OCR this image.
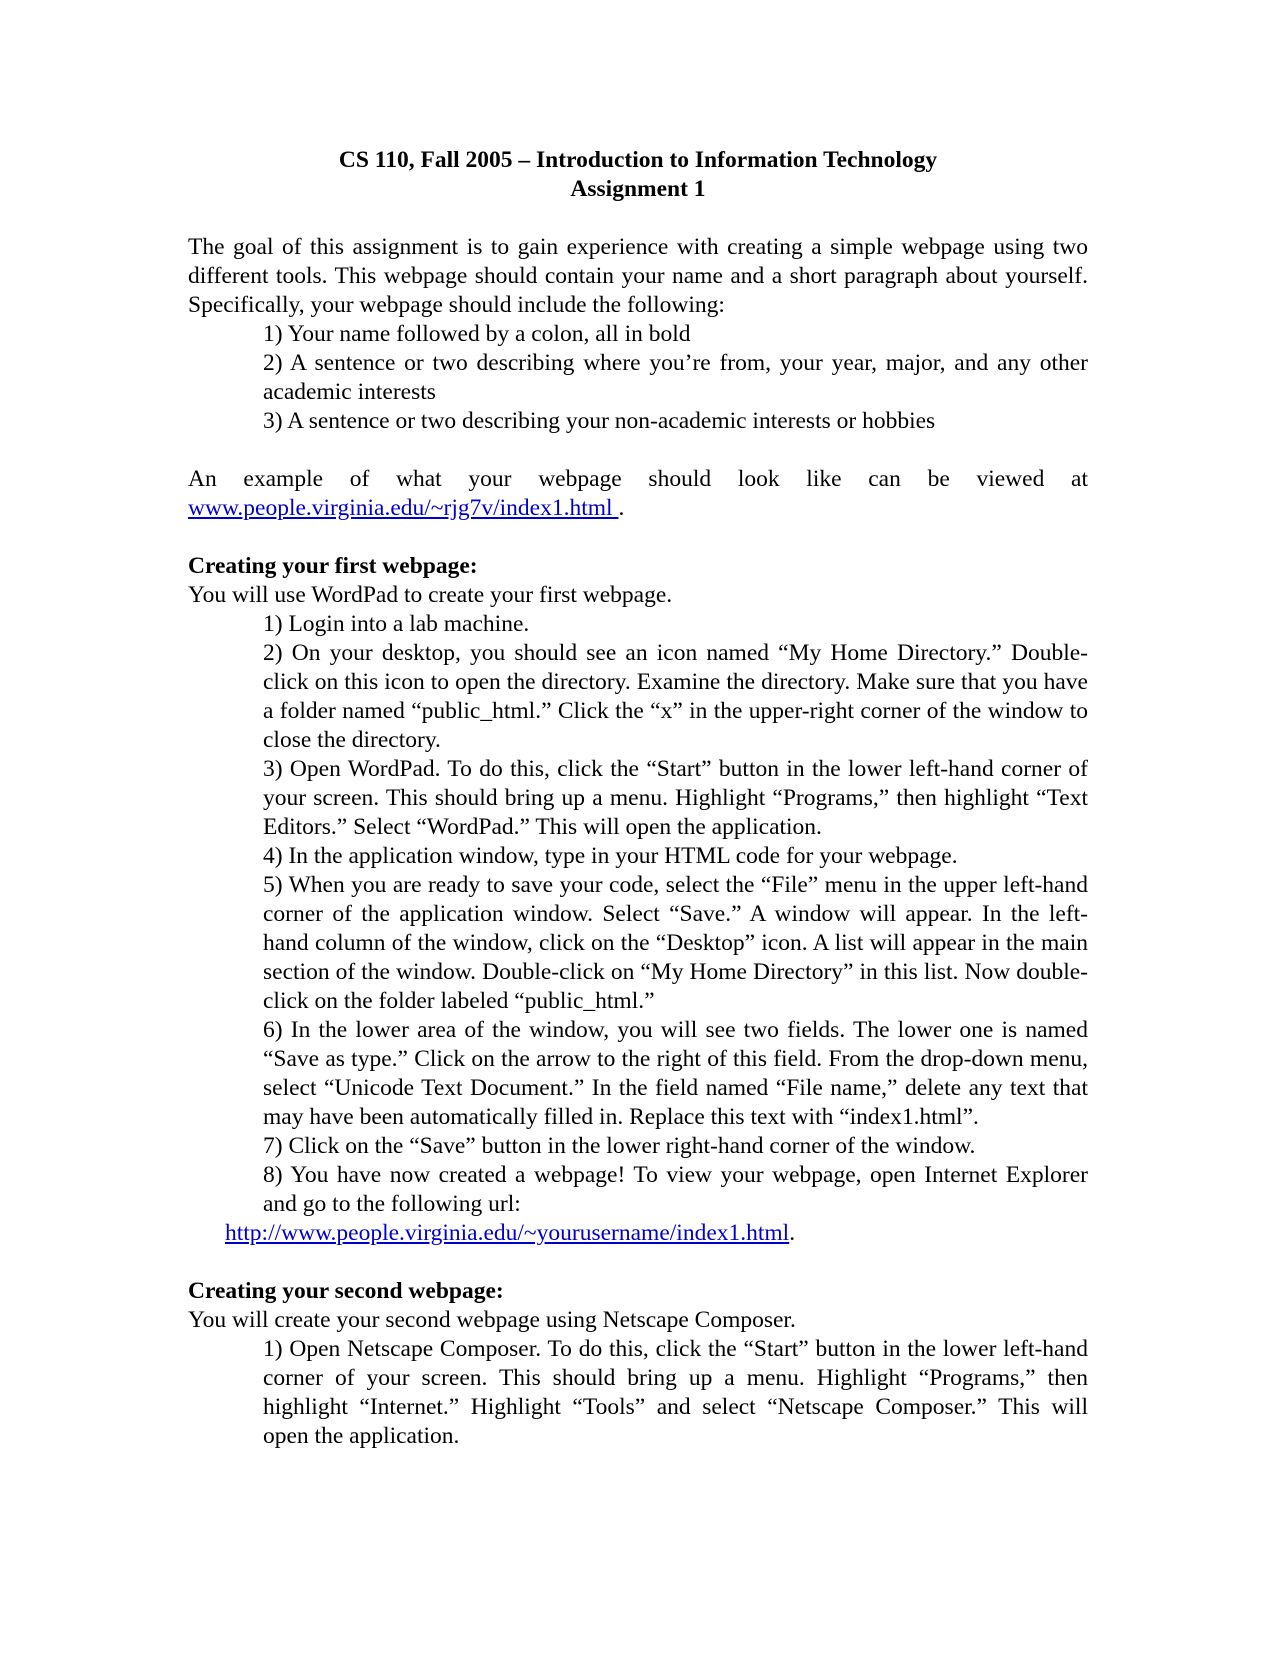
CS 110, Fall 2005 – Introduction to Information Technology

Assignment 1

The goal of this assignment is to gain experience with creating a simple webpage using two different tools. This webpage should contain your name and a short paragraph about yourself. Specifically, your webpage should include the following:

1) Your name followed by a colon, all in bold

2) A sentence or two describing where you’re from, your year, major, and any other academic interests

3) A sentence or two describing your non-academic interests or hobbies

An example of what your webpage should look like can be viewed at

www.people.virginia.edu/~rjg7v/index1.html .

Creating your first webpage:

You will use WordPad to create your first webpage.

1) Login into a lab machine.

2) On your desktop, you should see an icon named “My Home Directory.” Double-click on this icon to open the directory. Examine the directory. Make sure that you have a folder named “public_html.” Click the “x” in the upper-right corner of the window to close the directory.

3) Open WordPad. To do this, click the “Start” button in the lower left-hand corner of your screen. This should bring up a menu. Highlight “Programs,” then highlight “Text Editors.” Select “WordPad.” This will open the application.

4) In the application window, type in your HTML code for your webpage.

5) When you are ready to save your code, select the “File” menu in the upper left-hand corner of the application window. Select “Save.” A window will appear. In the left-hand column of the window, click on the “Desktop” icon. A list will appear in the main section of the window. Double-click on “My Home Directory” in this list. Now double-click on the folder labeled “public_html.”

6) In the lower area of the window, you will see two fields. The lower one is named “Save as type.” Click on the arrow to the right of this field. From the drop-down menu, select “Unicode Text Document.” In the field named “File name,” delete any text that may have been automatically filled in. Replace this text with “index1.html”.

7) Click on the “Save” button in the lower right-hand corner of the window.

8) You have now created a webpage! To view your webpage, open Internet Explorer and go to the following url:

http://www.people.virginia.edu/~yourusername/index1.html.

Creating your second webpage:

You will create your second webpage using Netscape Composer.

1) Open Netscape Composer. To do this, click the “Start” button in the lower left-hand corner of your screen. This should bring up a menu. Highlight “Programs,” then highlight “Internet.” Highlight “Tools” and select “Netscape Composer.” This will open the application.
